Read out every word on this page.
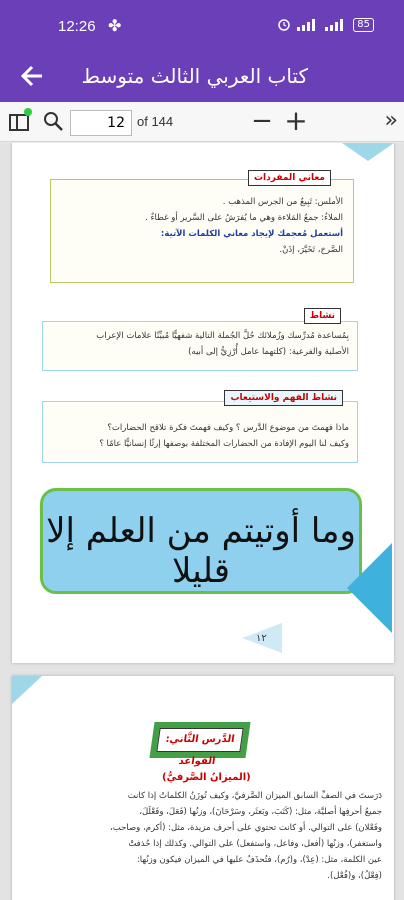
12:26 ✤	85
كتاب العربي الثالث متوسط
12 of 144	− +	»
معاني المفردات
الأملس: تَبِيعُ من الجرس المذهب .
الملاءُ: جمعُ المَلاءة وهي ما يُفرَشُ على السَّرير أو غطاءٌ .
أستعمل مُعجمك لإيجاد معاني الكلمات الآتية:
الصَّرخ، تَخَيَّرَ، إذَنْ.
نشاط
بِمُساعدة مُدرِّسك وزُملائك حُلَّ الجُملة التالية شفهيًّا مُبيِّنًا علامات الإعراب
الأصلية والفرعية: (كلتهما عامل أُرْزِيُّ إلى أبيه)
نشاط الفهم والاستيعاب
ماذا فهمتَ من موضوع الدَّرس ؟ وكيف فهمتَ فكرة تلاقح الحضارات؟
وكيف لنا اليوم الإفادة من الحضارات المختلفة بوصفها إرثًا إنسانيًّا عامًا ؟
وما أوتيتم من العلم إلا قليلا
١٢
الدَّرس الثَّاني: القواعد
(الميزانُ الصَّرفيُّ)
دَرَستَ في الصفِّ السابق الميزان الصَّرفيَّ، وكيف تُوزَنُ الكلماتُ إذا كانت
جميعُ أحرفِها أصليَّة، مثل: (كَتَبَ، وبَعثَر، وسَرْحَانَ)، وزنُها (فَعَلَ، وفَعْلَلَ،
وفَعْلان) على التوالي. أو كانت تحتوي على أحرف مزيدة، مثل: (أكرم، وصاحب،
واستغفر)، وزنُها (أفعل، وفاعل، واستفعل) على التوالي. وكذلك إذا حُذفتْ
عين الكلمة، مثل: (عِدْ)، و(رُم)، فتُحذَفُ عليها في الميزان فيكون وزنُها:
(فِعْلُ)، و(فُعْل).
